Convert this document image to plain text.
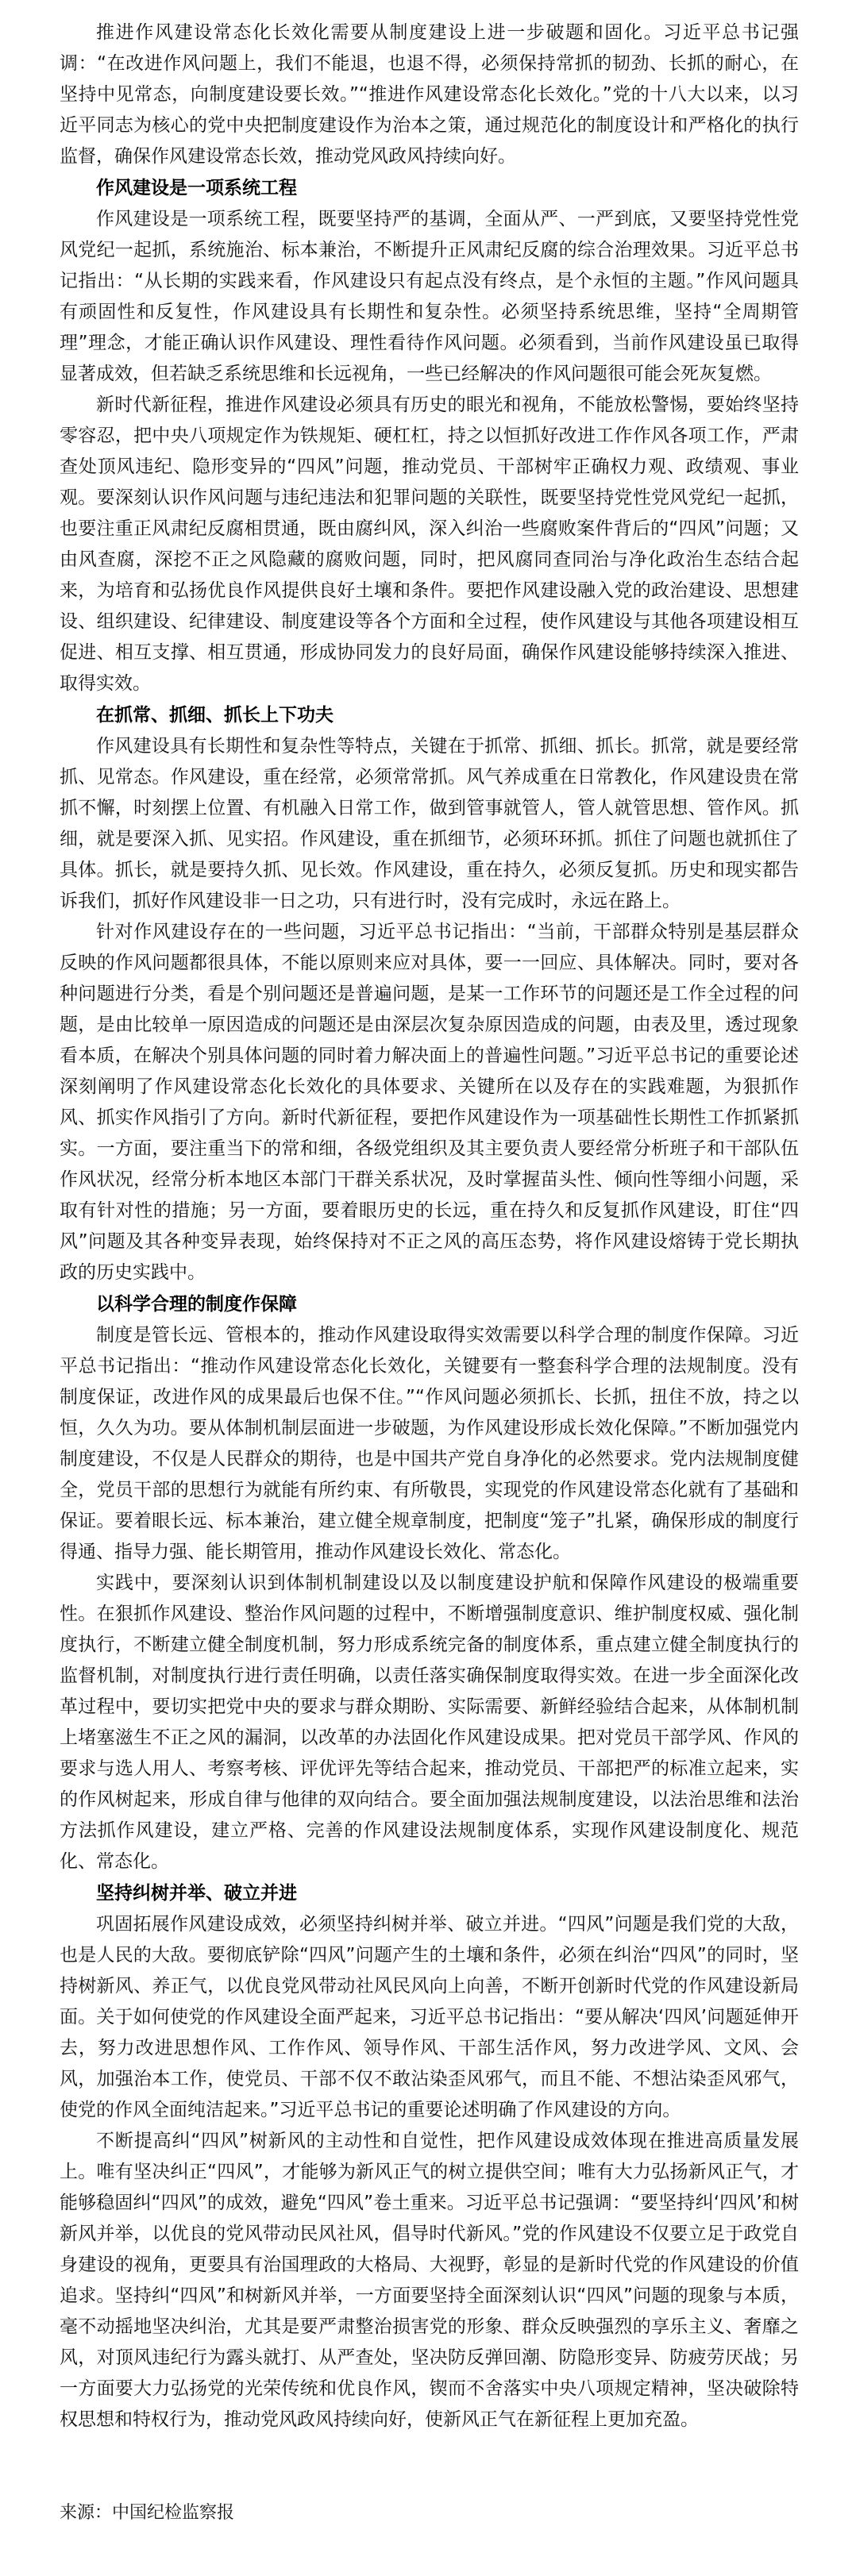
推进作风建设常态化长效化需要从制度建设上进一步破题和固化。习近平总书记强调：“在改进作风问题上，我们不能退，也退不得，必须保持常抓的韧劲、长抓的耐心，在坚持中见常态，向制度建设要长效。”“推进作风建设常态化长效化。”党的十八大以来，以习近平同志为核心的党中央把制度建设作为治本之策，通过规范化的制度设计和严格化的执行监督，确保作风建设常态长效，推动党风政风持续向好。

作风建设是一项系统工程

作风建设是一项系统工程，既要坚持严的基调，全面从严、一严到底，又要坚持党性党风党纪一起抓，系统施治、标本兼治，不断提升正风肃纪反腐的综合治理效果。习近平总书记指出：“从长期的实践来看，作风建设只有起点没有终点，是个永恒的主题。”作风问题具有顽固性和反复性，作风建设具有长期性和复杂性。必须坚持系统思维，坚持“全周期管理”理念，才能正确认识作风建设、理性看待作风问题。必须看到，当前作风建设虽已取得显著成效，但若缺乏系统思维和长远视角，一些已经解决的作风问题很可能会死灰复燃。

新时代新征程，推进作风建设必须具有历史的眼光和视角，不能放松警惕，要始终坚持零容忍，把中央八项规定作为铁规矩、硬杠杠，持之以恒抓好改进工作作风各项工作，严肃查处顶风违纪、隐形变异的“四风”问题，推动党员、干部树牢正确权力观、政绩观、事业观。要深刻认识作风问题与违纪违法和犯罪问题的关联性，既要坚持党性党风党纪一起抓，也要注重正风肃纪反腐相贯通，既由腐纠风，深入纠治一些腐败案件背后的“四风”问题；又由风查腐，深挖不正之风隐藏的腐败问题，同时，把风腐同查同治与净化政治生态结合起来，为培育和弘扬优良作风提供良好土壤和条件。要把作风建设融入党的政治建设、思想建设、组织建设、纪律建设、制度建设等各个方面和全过程，使作风建设与其他各项建设相互促进、相互支撑、相互贯通，形成协同发力的良好局面，确保作风建设能够持续深入推进、取得实效。

在抓常、抓细、抓长上下功夫

作风建设具有长期性和复杂性等特点，关键在于抓常、抓细、抓长。抓常，就是要经常抓、见常态。作风建设，重在经常，必须常常抓。风气养成重在日常教化，作风建设贵在常抓不懈，时刻摆上位置、有机融入日常工作，做到管事就管人，管人就管思想、管作风。抓细，就是要深入抓、见实招。作风建设，重在抓细节，必须环环抓。抓住了问题也就抓住了具体。抓长，就是要持久抓、见长效。作风建设，重在持久，必须反复抓。历史和现实都告诉我们，抓好作风建设非一日之功，只有进行时，没有完成时，永远在路上。

针对作风建设存在的一些问题，习近平总书记指出：“当前，干部群众特别是基层群众反映的作风问题都很具体，不能以原则来应对具体，要一一回应、具体解决。同时，要对各种问题进行分类，看是个别问题还是普遍问题，是某一工作环节的问题还是工作全过程的问题，是由比较单一原因造成的问题还是由深层次复杂原因造成的问题，由表及里，透过现象看本质，在解决个别具体问题的同时着力解决面上的普遍性问题。”习近平总书记的重要论述深刻阐明了作风建设常态化长效化的具体要求、关键所在以及存在的实践难题，为狠抓作风、抓实作风指引了方向。新时代新征程，要把作风建设作为一项基础性长期性工作抓紧抓实。一方面，要注重当下的常和细，各级党组织及其主要负责人要经常分析班子和干部队伍作风状况，经常分析本地区本部门干群关系状况，及时掌握苗头性、倾向性等细小问题，采取有针对性的措施；另一方面，要着眼历史的长远，重在持久和反复抓作风建设，盯住“四风”问题及其各种变异表现，始终保持对不正之风的高压态势，将作风建设熔铸于党长期执政的历史实践中。

以科学合理的制度作保障

制度是管长远、管根本的，推动作风建设取得实效需要以科学合理的制度作保障。习近平总书记指出：“推动作风建设常态化长效化，关键要有一整套科学合理的法规制度。没有制度保证，改进作风的成果最后也保不住。”“作风问题必须抓长、长抓，扭住不放，持之以恒，久久为功。要从体制机制层面进一步破题，为作风建设形成长效化保障。”不断加强党内制度建设，不仅是人民群众的期待，也是中国共产党自身净化的必然要求。党内法规制度健全，党员干部的思想行为就能有所约束、有所敬畏，实现党的作风建设常态化就有了基础和保证。要着眼长远、标本兼治，建立健全规章制度，把制度“笼子”扎紧，确保形成的制度行得通、指导力强、能长期管用，推动作风建设长效化、常态化。

实践中，要深刻认识到体制机制建设以及以制度建设护航和保障作风建设的极端重要性。在狠抓作风建设、整治作风问题的过程中，不断增强制度意识、维护制度权威、强化制度执行，不断建立健全制度机制，努力形成系统完备的制度体系，重点建立健全制度执行的监督机制，对制度执行进行责任明确，以责任落实确保制度取得实效。在进一步全面深化改革过程中，要切实把党中央的要求与群众期盼、实际需要、新鲜经验结合起来，从体制机制上堵塞滋生不正之风的漏洞，以改革的办法固化作风建设成果。把对党员干部学风、作风的要求与选人用人、考察考核、评优评先等结合起来，推动党员、干部把严的标准立起来，实的作风树起来，形成自律与他律的双向结合。要全面加强法规制度建设，以法治思维和法治方法抓作风建设，建立严格、完善的作风建设法规制度体系，实现作风建设制度化、规范化、常态化。

坚持纠树并举、破立并进

巩固拓展作风建设成效，必须坚持纠树并举、破立并进。“四风”问题是我们党的大敌，也是人民的大敌。要彻底铲除“四风”问题产生的土壤和条件，必须在纠治“四风”的同时，坚持树新风、养正气，以优良党风带动社风民风向上向善，不断开创新时代党的作风建设新局面。关于如何使党的作风建设全面严起来，习近平总书记指出：“要从解决‘四风’问题延伸开去，努力改进思想作风、工作作风、领导作风、干部生活作风，努力改进学风、文风、会风，加强治本工作，使党员、干部不仅不敢沾染歪风邪气，而且不能、不想沾染歪风邪气，使党的作风全面纯洁起来。”习近平总书记的重要论述明确了作风建设的方向。

不断提高纠“四风”树新风的主动性和自觉性，把作风建设成效体现在推进高质量发展上。唯有坚决纠正“四风”，才能够为新风正气的树立提供空间；唯有大力弘扬新风正气，才能够稳固纠“四风”的成效，避免“四风”卷土重来。习近平总书记强调：“要坚持纠‘四风’和树新风并举，以优良的党风带动民风社风，倡导时代新风。”党的作风建设不仅要立足于政党自身建设的视角，更要具有治国理政的大格局、大视野，彰显的是新时代党的作风建设的价值追求。坚持纠“四风”和树新风并举，一方面要坚持全面深刻认识“四风”问题的现象与本质，毫不动摇地坚决纠治，尤其是要严肃整治损害党的形象、群众反映强烈的享乐主义、奢靡之风，对顶风违纪行为露头就打、从严查处，坚决防反弹回潮、防隐形变异、防疲劳厌战；另一方面要大力弘扬党的光荣传统和优良作风，锲而不舍落实中央八项规定精神，坚决破除特权思想和特权行为，推动党风政风持续向好，使新风正气在新征程上更加充盈。

来源：中国纪检监察报
